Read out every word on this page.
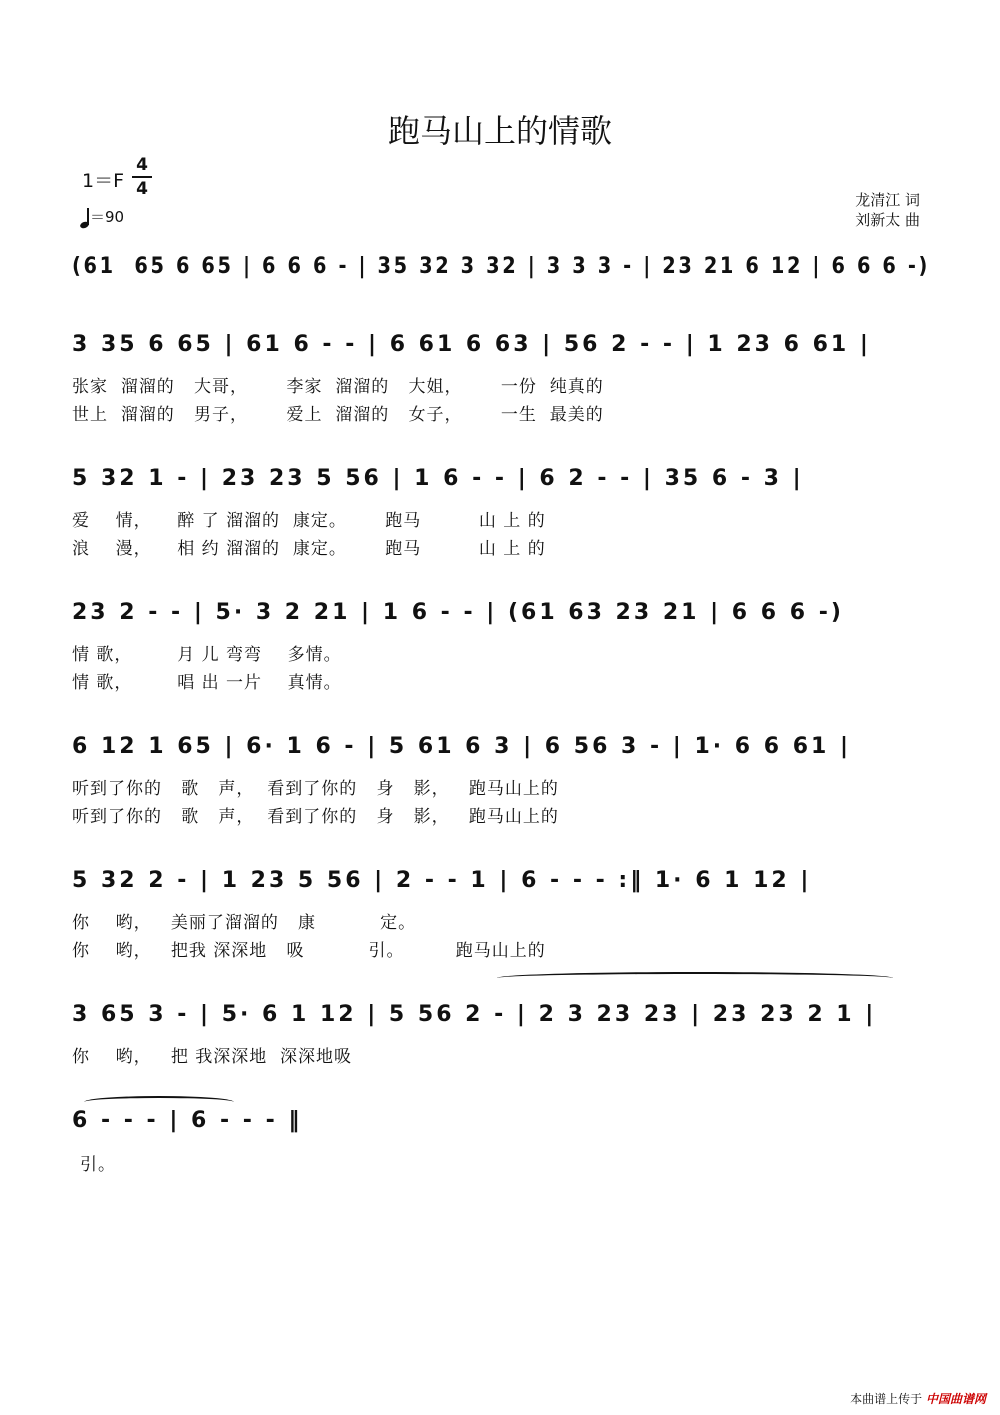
跑马山上的情歌
1＝F
4
4
＝90
龙清江 词
刘新太 曲
(61  65 6 65 | 6 6 6 - | 35 32 3 32 | 3 3 3 - | 23 21 6 12 | 6 6 6 -)
3 35 6 65 | 61 6 - - | 6 61 6 63 | 56 2 - - | 1 23 6 61 |
张家  溜溜的   大哥，      李家  溜溜的   大姐，      一份  纯真的
世上  溜溜的   男子，      爱上  溜溜的   女子，      一生  最美的
5 32 1 - | 23 23 5 56 | 1 6 - - | 6 2 - - | 35 6 - 3 |
爱    情，    醉 了 溜溜的  康定。      跑马         山 上 的
浪    漫，    相 约 溜溜的  康定。      跑马         山 上 的
23 2 - - | 5· 3 2 21 | 1 6 - - | (61 63 23 21 | 6 6 6 -)
情 歌，       月 儿 弯弯    多情。
情 歌，       唱 出 一片    真情。
6 12 1 65 | 6· 1 6 - | 5 61 6 3 | 6 56 3 - | 1· 6 6 61 |
听到了你的   歌   声，  看到了你的   身   影，   跑马山上的
听到了你的   歌   声，  看到了你的   身   影，   跑马山上的
5 32 2 - | 1 23 5 56 | 2 - - 1 | 6 - - - :‖ 1· 6 1 12 |
你    哟，   美丽了溜溜的   康          定。
你    哟，   把我 深深地   吸          引。        跑马山上的
3 65 3 - | 5· 6 1 12 | 5 56 2 - | 2 3 23 23 | 23 23 2 1 |
你    哟，   把 我深深地  深深地吸
6 - - - | 6 - - - ‖
引。
本曲谱上传于 中国曲谱网
